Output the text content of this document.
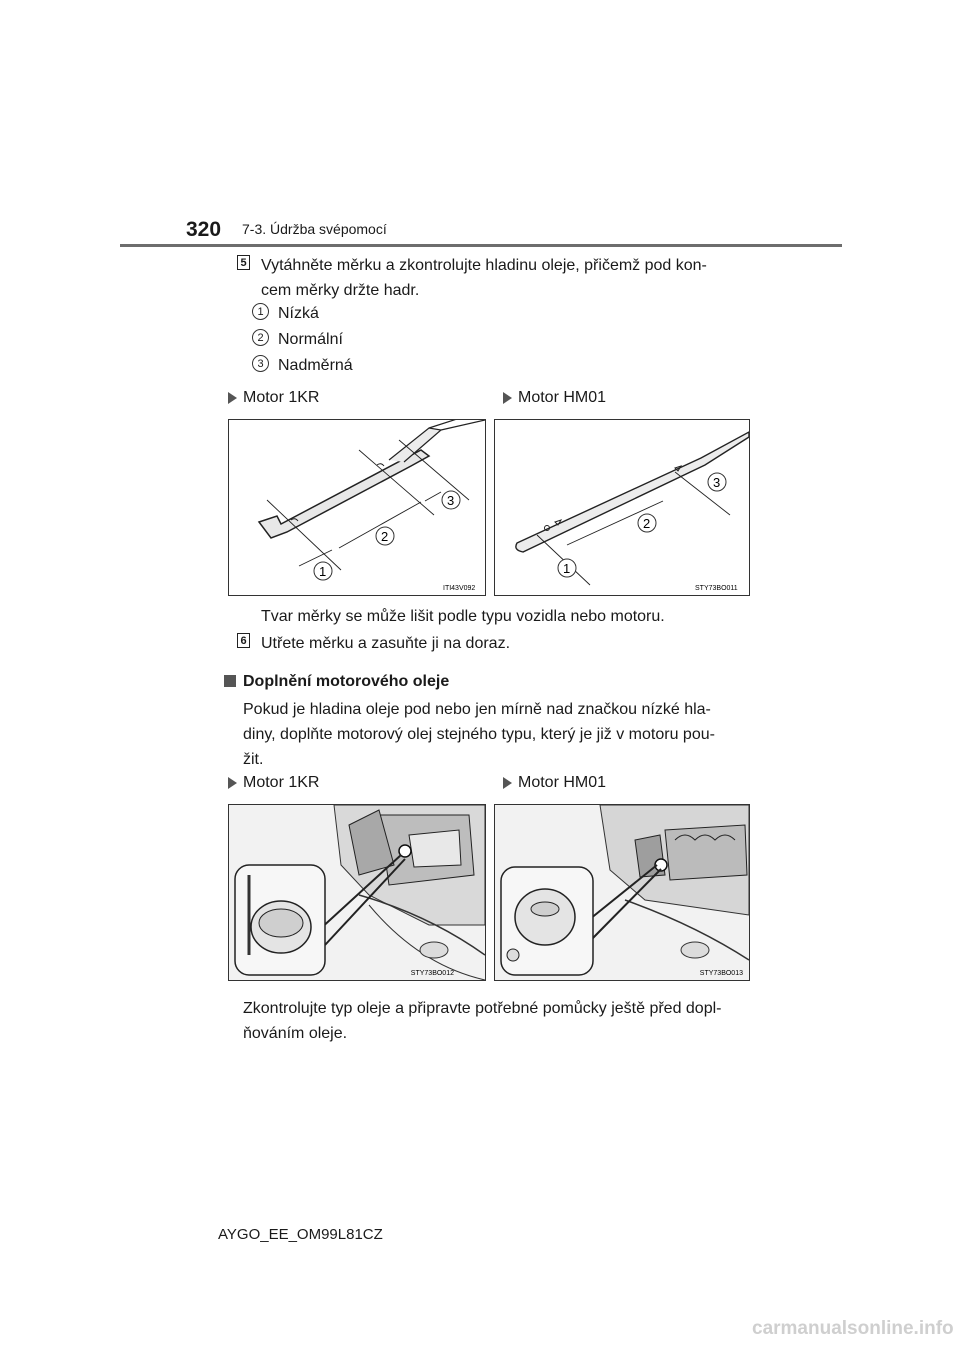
320 7-3. Údržba svépomocí
5 Vytáhněte měrku a zkontrolujte hladinu oleje, přičemž pod kon-
cem měrky držte hadr.
1 Nízká
2 Normální
3 Nadměrná
Motor 1KR	Motor HM01
1
2
3
ITI43V092
1
2
3
STY73BO011
Tvar měrky se může lišit podle typu vozidla nebo motoru.
6 Utřete měrku a zasuňte ji na doraz.
Doplnění motorového oleje
Pokud je hladina oleje pod nebo jen mírně nad značkou nízké hla-
diny, doplňte motorový olej stejného typu, který je již v motoru pou-
žit.
Motor 1KR	Motor HM01
STY73BO012	STY73BO013
Zkontrolujte typ oleje a připravte potřebné pomůcky ještě před dopl-
ňováním oleje.
AYGO_EE_OM99L81CZ
carmanualsonline.info
